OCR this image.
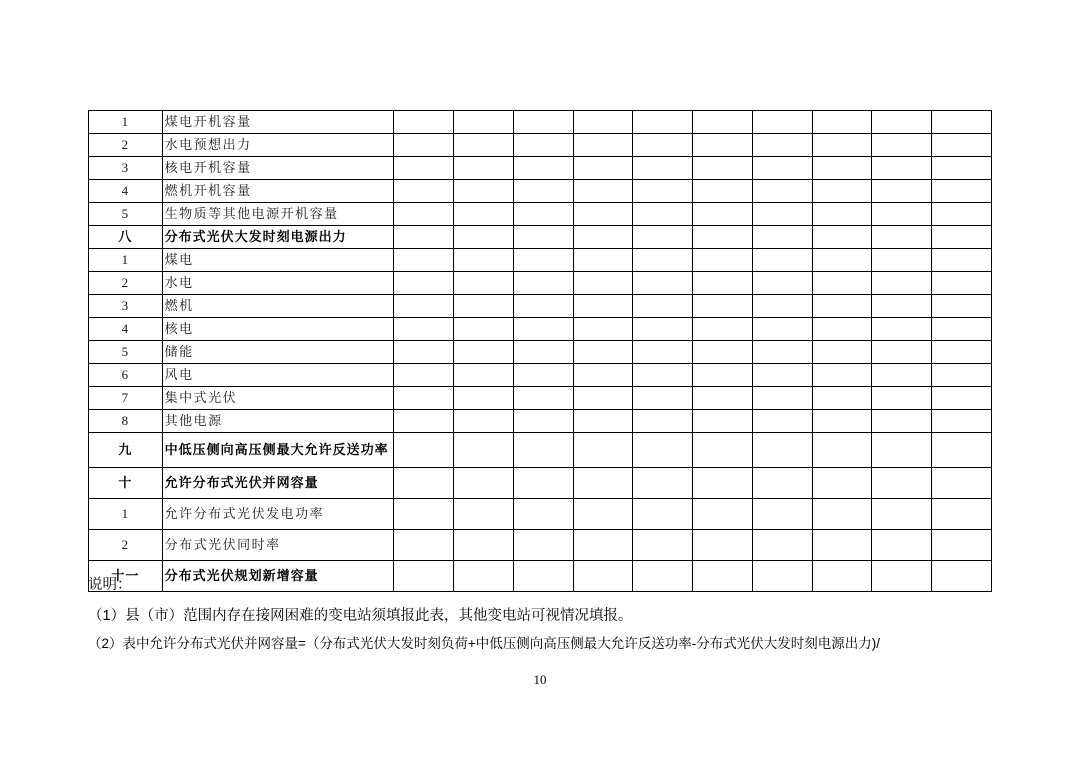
1	煤电开机容量										
2	水电预想出力										
3	核电开机容量										
4	燃机开机容量										
5	生物质等其他电源开机容量										
八	分布式光伏大发时刻电源出力										
1	煤电										
2	水电										
3	燃机										
4	核电										
5	储能										
6	风电										
7	集中式光伏										
8	其他电源										
九	中低压侧向高压侧最大允许反送功率										
十	允许分布式光伏并网容量										
1	允许分布式光伏发电功率										
2	分布式光伏同时率										
十一	分布式光伏规划新增容量										
说明：
（1）县（市）范围内存在接网困难的变电站须填报此表，其他变电站可视情况填报。
（2）表中允许分布式光伏并网容量=（分布式光伏大发时刻负荷+中低压侧向高压侧最大允许反送功率-分布式光伏大发时刻电源出力)/
10
